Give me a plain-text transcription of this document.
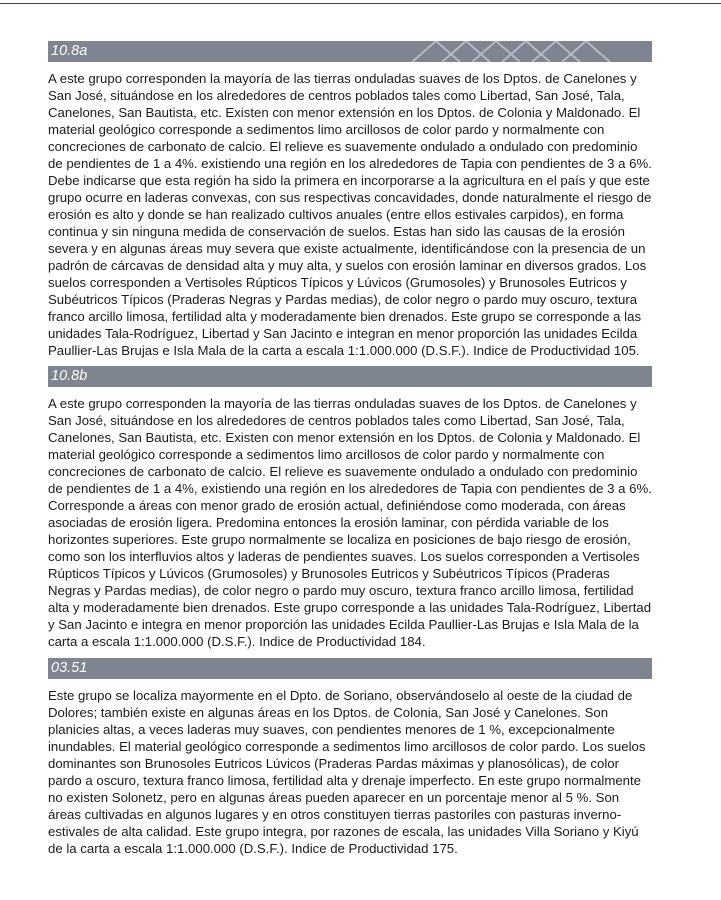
10.8a

A este grupo corresponden la mayoría de las tierras onduladas suaves de los Dptos. de Canelones y San José, situándose en los alrededores de centros poblados tales como Libertad, San José, Tala, Canelones, San Bautista, etc. Existen con menor extensión en los Dptos. de Colonia y Maldonado. El material geológico corresponde a sedimentos limo arcillosos de color pardo y normalmente con concreciones de carbonato de calcio. El relieve es suavemente ondulado a ondulado con predominio de pendientes de 1 a 4%. existiendo una región en los alrededores de Tapia con pendientes de 3 a 6%. Debe indicarse que esta región ha sido la primera en incorporarse a la agricultura en el país y que este grupo ocurre en laderas convexas, con sus respectivas concavidades, donde naturalmente el riesgo de erosión es alto y donde se han realizado cultivos anuales (entre ellos estivales carpidos), en forma continua y sin ninguna medida de conservación de suelos. Estas han sido las causas de la erosión severa y en algunas áreas muy severa que existe actualmente, identificándose con la presencia de un padrón de cárcavas de densidad alta y muy alta, y suelos con erosión laminar en diversos grados. Los suelos corresponden a Vertisoles Rúpticos Típicos y Lúvicos (Grumosoles) y Brunosoles Eutricos y Subéutricos Típicos (Praderas Negras y Pardas medias), de color negro o pardo muy oscuro, textura franco arcillo limosa, fertilidad alta y moderadamente bien drenados. Este grupo se corresponde a las unidades Tala-Rodríguez, Libertad y San Jacinto e integran en menor proporción las unidades Ecilda Paullier-Las Brujas e Isla Mala de la carta a escala 1:1.000.000 (D.S.F.). Indice de Productividad 105.

10.8b

A este grupo corresponden la mayoría de las tierras onduladas suaves de los Dptos. de Canelones y San José, situándose en los alrededores de centros poblados tales como Libertad, San José, Tala, Canelones, San Bautista, etc. Existen con menor extensión en los Dptos. de Colonia y Maldonado. El material geológico corresponde a sedimentos limo arcillosos de color pardo y normalmente con concreciones de carbonato de calcio. El relieve es suavemente ondulado a ondulado con predominio de pendientes de 1 a 4%, existiendo una región en los alrededores de Tapia con pendientes de 3 a 6%. Corresponde a áreas con menor grado de erosión actual, definiéndose como moderada, con áreas asociadas de erosión ligera. Predomina entonces la erosión laminar, con pérdida variable de los horizontes superiores. Este grupo normalmente se localiza en posiciones de bajo riesgo de erosión, como son los interfluvios altos y laderas de pendientes suaves. Los suelos corresponden a Vertisoles Rúpticos Típicos y Lúvicos (Grumosoles) y Brunosoles Eutricos y Subéutricos Típicos (Praderas Negras y Pardas medias), de color negro o pardo muy oscuro, textura franco arcillo limosa, fertilidad alta y moderadamente bien drenados. Este grupo corresponde a las unidades Tala-Rodríguez, Libertad y San Jacinto e integra en menor proporción las unidades Ecilda Paullier-Las Brujas e Isla Mala de la carta a escala 1:1.000.000 (D.S.F.). Indice de Productividad 184.

03.51

Este grupo se localiza mayormente en el Dpto. de Soriano, observándoselo al oeste de la ciudad de Dolores; también existe en algunas áreas en los Dptos. de Colonia, San José y Canelones. Son planicies altas, a veces laderas muy suaves, con pendientes menores de 1 %, excepcionalmente inundables. El material geológico corresponde a sedimentos limo arcillosos de color pardo. Los suelos dominantes son Brunosoles Eutricos Lúvicos (Praderas Pardas máximas y planosólicas), de color pardo a oscuro, textura franco limosa, fertilidad alta y drenaje imperfecto. En este grupo normalmente no existen Solonetz, pero en algunas áreas pueden aparecer en un porcentaje menor al 5 %. Son áreas cultivadas en algunos lugares y en otros constituyen tierras pastoriles con pasturas inverno-estivales de alta calidad. Este grupo integra, por razones de escala, las unidades Villa Soriano y Kiyú de la carta a escala 1:1.000.000 (D.S.F.). Indice de Productividad 175.
